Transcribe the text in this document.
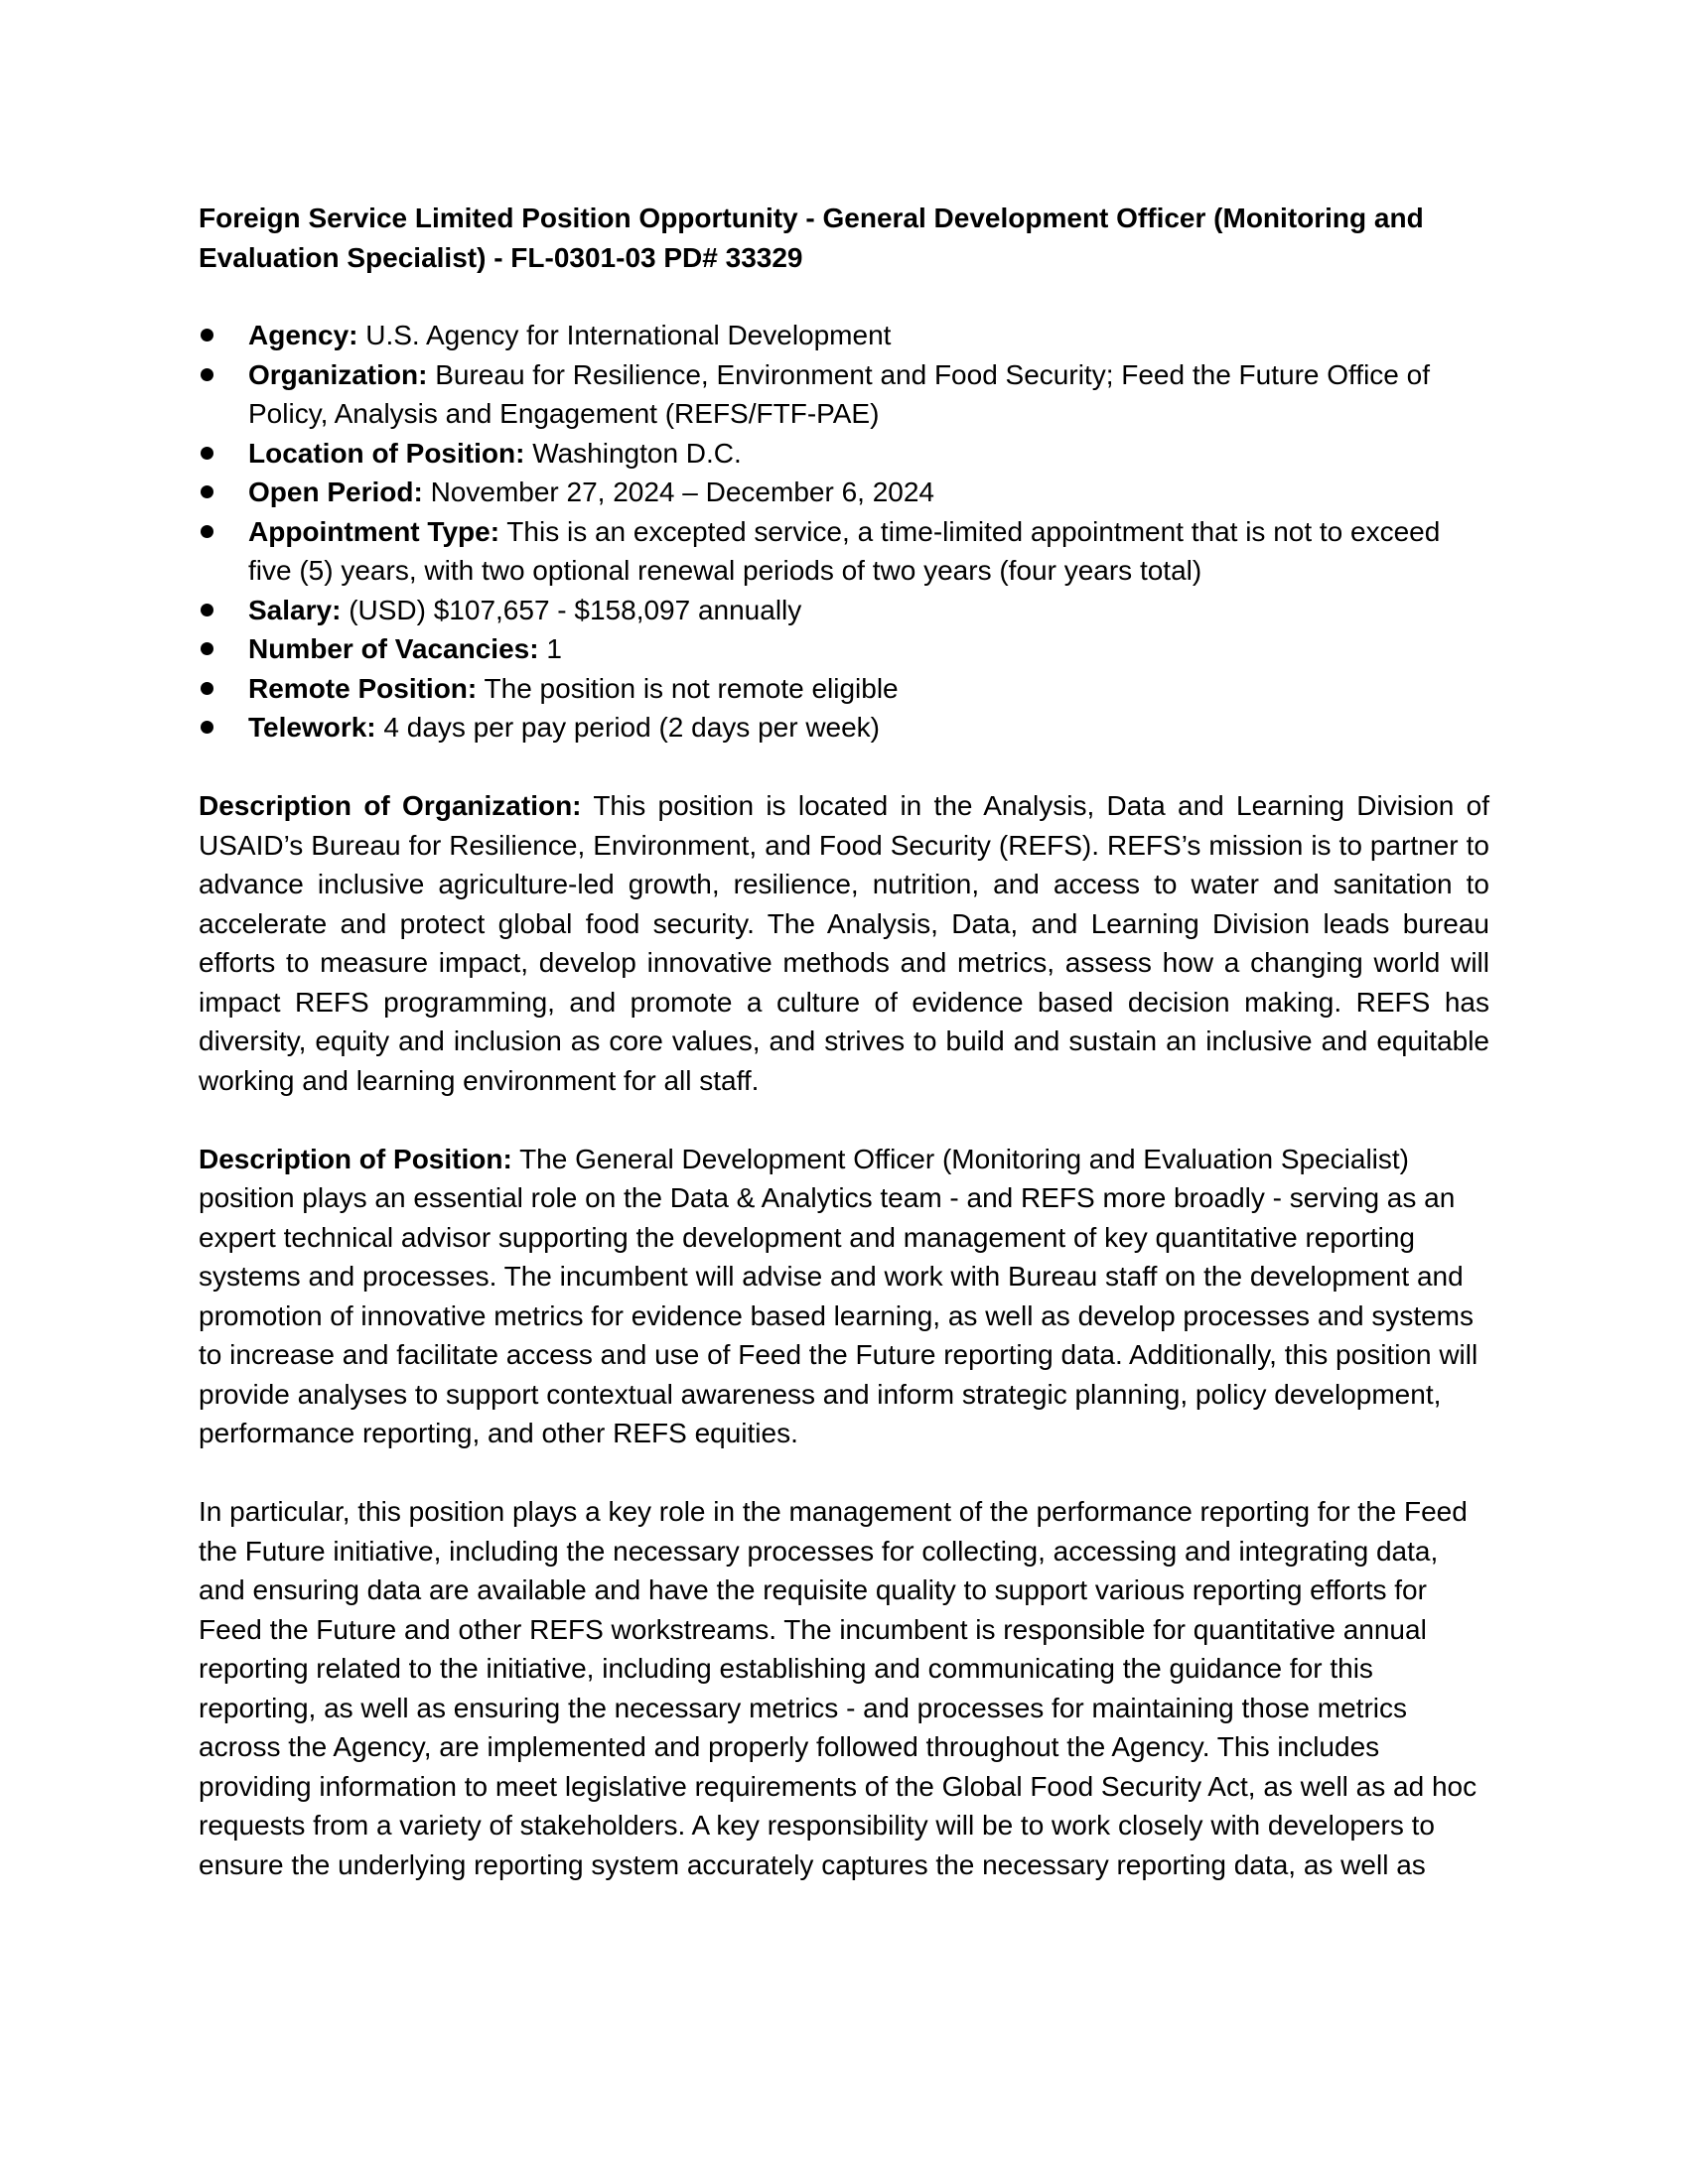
Foreign Service Limited Position Opportunity - General Development Officer (Monitoring and Evaluation Specialist) - FL-0301-03 PD# 33329
Agency: U.S. Agency for International Development
Organization: Bureau for Resilience, Environment and Food Security; Feed the Future Office of Policy, Analysis and Engagement (REFS/FTF-PAE)
Location of Position: Washington D.C.
Open Period: November 27, 2024 – December 6, 2024
Appointment Type: This is an excepted service, a time-limited appointment that is not to exceed five (5) years, with two optional renewal periods of two years (four years total)
Salary: (USD) $107,657 - $158,097 annually
Number of Vacancies: 1
Remote Position: The position is not remote eligible
Telework: 4 days per pay period (2 days per week)

Description of Organization: This position is located in the Analysis, Data and Learning Division of USAID’s Bureau for Resilience, Environment, and Food Security (REFS). REFS’s mission is to partner to advance inclusive agriculture-led growth, resilience, nutrition, and access to water and sanitation to accelerate and protect global food security. The Analysis, Data, and Learning Division leads bureau efforts to measure impact, develop innovative methods and metrics, assess how a changing world will impact REFS programming, and promote a culture of evidence based decision making. REFS has diversity, equity and inclusion as core values, and strives to build and sustain an inclusive and equitable working and learning environment for all staff.

Description of Position: The General Development Officer (Monitoring and Evaluation Specialist) position plays an essential role on the Data & Analytics team - and REFS more broadly - serving as an expert technical advisor supporting the development and management of key quantitative reporting systems and processes. The incumbent will advise and work with Bureau staff on the development and promotion of innovative metrics for evidence based learning, as well as develop processes and systems to increase and facilitate access and use of Feed the Future reporting data. Additionally, this position will provide analyses to support contextual awareness and inform strategic planning, policy development, performance reporting, and other REFS equities.

In particular, this position plays a key role in the management of the performance reporting for the Feed the Future initiative, including the necessary processes for collecting, accessing and integrating data, and ensuring data are available and have the requisite quality to support various reporting efforts for Feed the Future and other REFS workstreams. The incumbent is responsible for quantitative annual reporting related to the initiative, including establishing and communicating the guidance for this reporting, as well as ensuring the necessary metrics - and processes for maintaining those metrics across the Agency, are implemented and properly followed throughout the Agency. This includes providing information to meet legislative requirements of the Global Food Security Act, as well as ad hoc requests from a variety of stakeholders. A key responsibility will be to work closely with developers to ensure the underlying reporting system accurately captures the necessary reporting data, as well as
